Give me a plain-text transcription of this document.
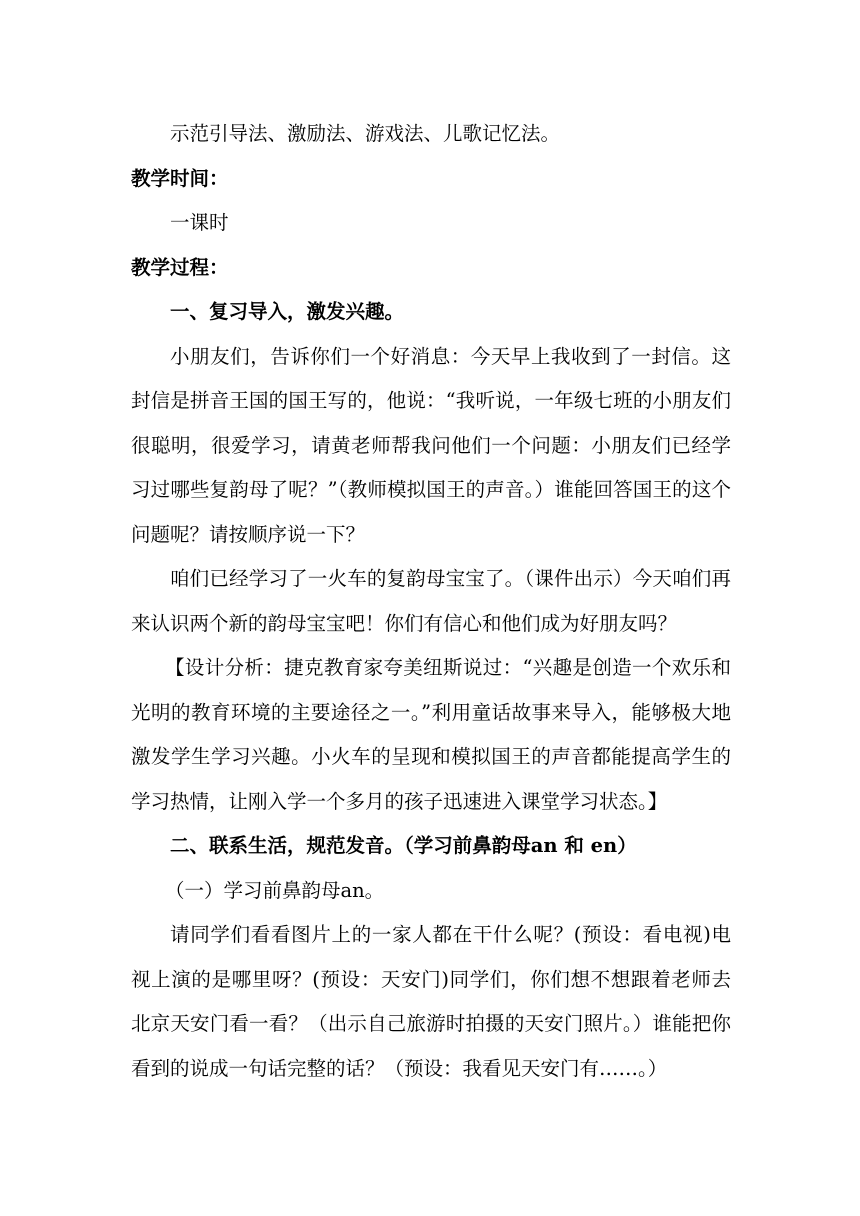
示范引导法、激励法、游戏法、儿歌记忆法。

教学时间：

一课时

教学过程：

一、复习导入，激发兴趣。

小朋友们，告诉你们一个好消息：今天早上我收到了一封信。这封信是拼音王国的国王写的，他说：“我听说，一年级七班的小朋友们很聪明，很爱学习，请黄老师帮我问他们一个问题：小朋友们已经学习过哪些复韵母了呢？”（教师模拟国王的声音。）谁能回答国王的这个问题呢？请按顺序说一下？

咱们已经学习了一火车的复韵母宝宝了。（课件出示）今天咱们再来认识两个新的韵母宝宝吧！你们有信心和他们成为好朋友吗？

【设计分析：捷克教育家夸美纽斯说过：“兴趣是创造一个欢乐和光明的教育环境的主要途径之一。”利用童话故事来导入，能够极大地激发学生学习兴趣。小火车的呈现和模拟国王的声音都能提高学生的学习热情，让刚入学一个多月的孩子迅速进入课堂学习状态。】

二、联系生活，规范发音。（学习前鼻韵母an 和 en）

（一）学习前鼻韵母an。

请同学们看看图片上的一家人都在干什么呢？(预设：看电视)电视上演的是哪里呀？(预设：天安门)同学们，你们想不想跟着老师去北京天安门看一看？（出示自己旅游时拍摄的天安门照片。）谁能把你看到的说成一句话完整的话？（预设：我看见天安门有……。）
